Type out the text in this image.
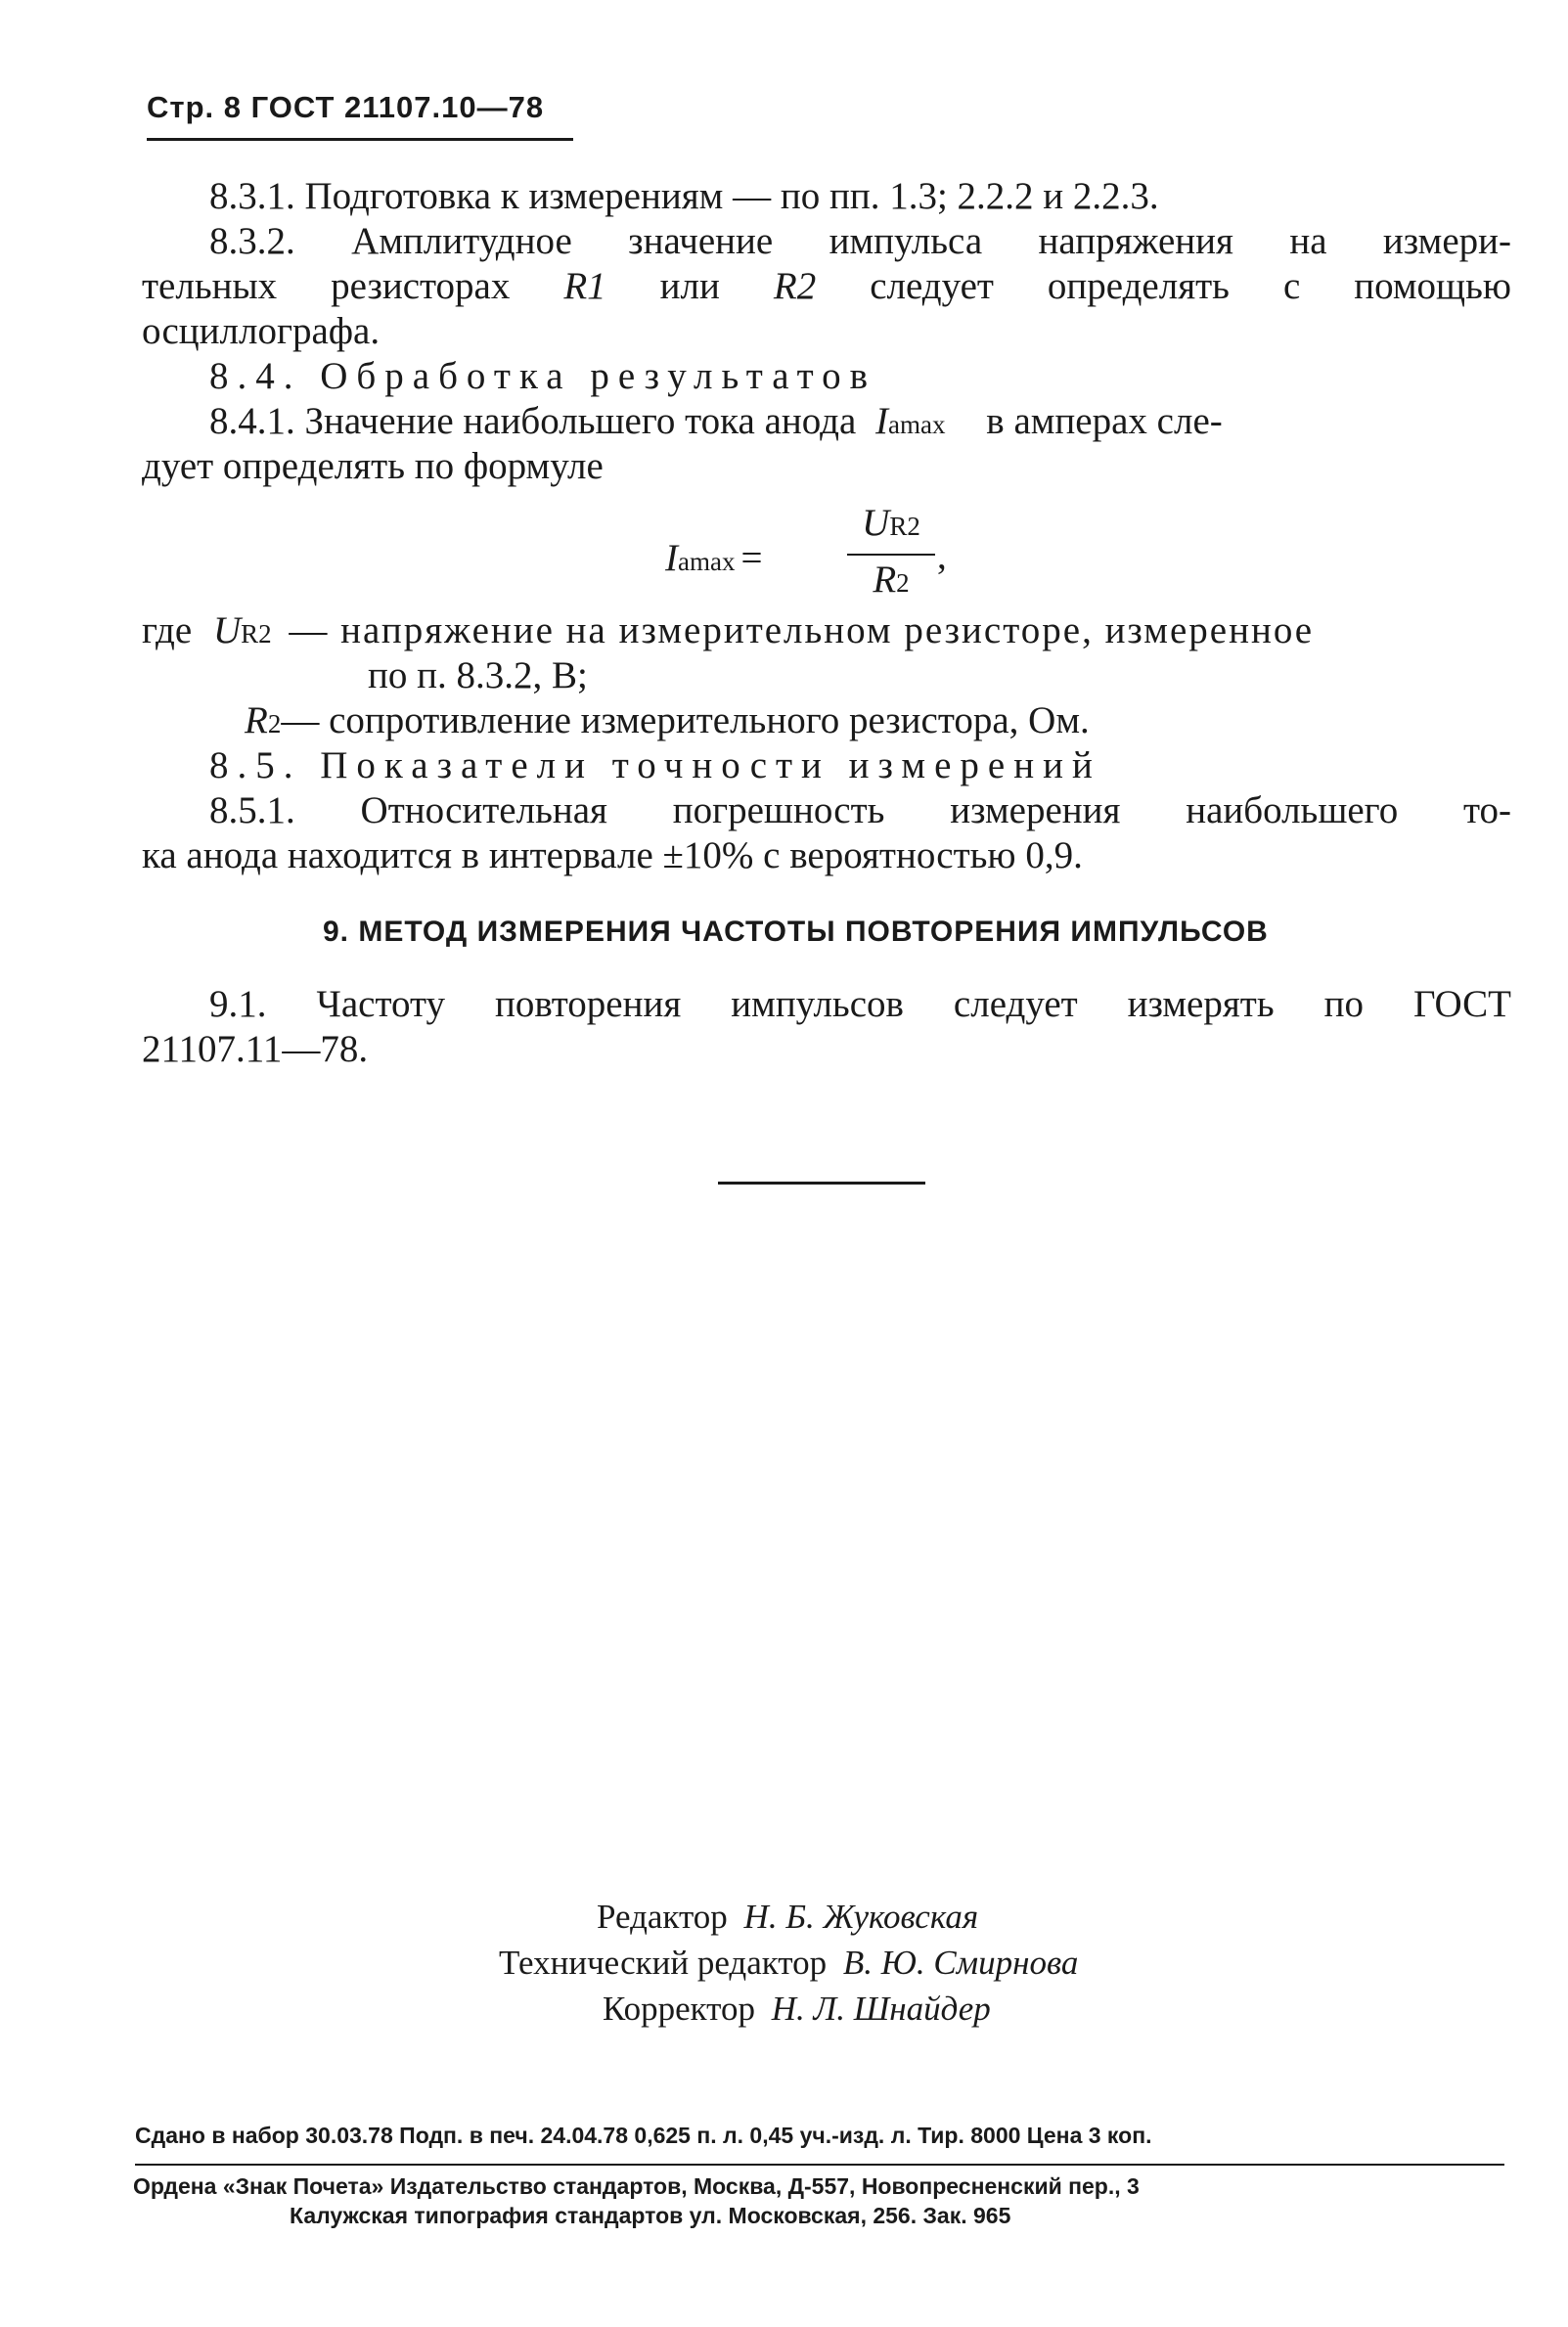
Стр. 8 ГОСТ 21107.10—78
8.3.1. Подготовка к измерениям — по пп. 1.3; 2.2.2 и 2.2.3.
8.3.2. Амплитудное значение импульса напряжения на измери-
тельных резисторах R1 или R2 следует определять с помощью
осциллографа.
8.4. Обработка результатов
8.4.1. Значение наибольшего тока анода Iamax в амперах сле-
дует определять по формуле
Iamax =
UR2
R2
,
где UR2 — напряжение на измерительном резисторе, измеренное
по п. 8.3.2, В;
R2— сопротивление измерительного резистора, Ом.
8.5. Показатели точности измерений
8.5.1. Относительная погрешность измерения наибольшего то-
ка анода находится в интервале ±10% с вероятностью 0,9.
9. МЕТОД ИЗМЕРЕНИЯ ЧАСТОТЫ ПОВТОРЕНИЯ ИМПУЛЬСОВ
9.1. Частоту повторения импульсов следует измерять по ГОСТ
21107.11—78.
Редактор Н. Б. Жуковская
Технический редактор В. Ю. Смирнова
Корректор Н. Л. Шнайдер
Сдано в набор 30.03.78 Подп. в печ. 24.04.78 0,625 п. л. 0,45 уч.-изд. л. Тир. 8000 Цена 3 коп.
Ордена «Знак Почета» Издательство стандартов, Москва, Д-557, Новопресненский пер., 3
Калужская типография стандартов ул. Московская, 256. Зак. 965
